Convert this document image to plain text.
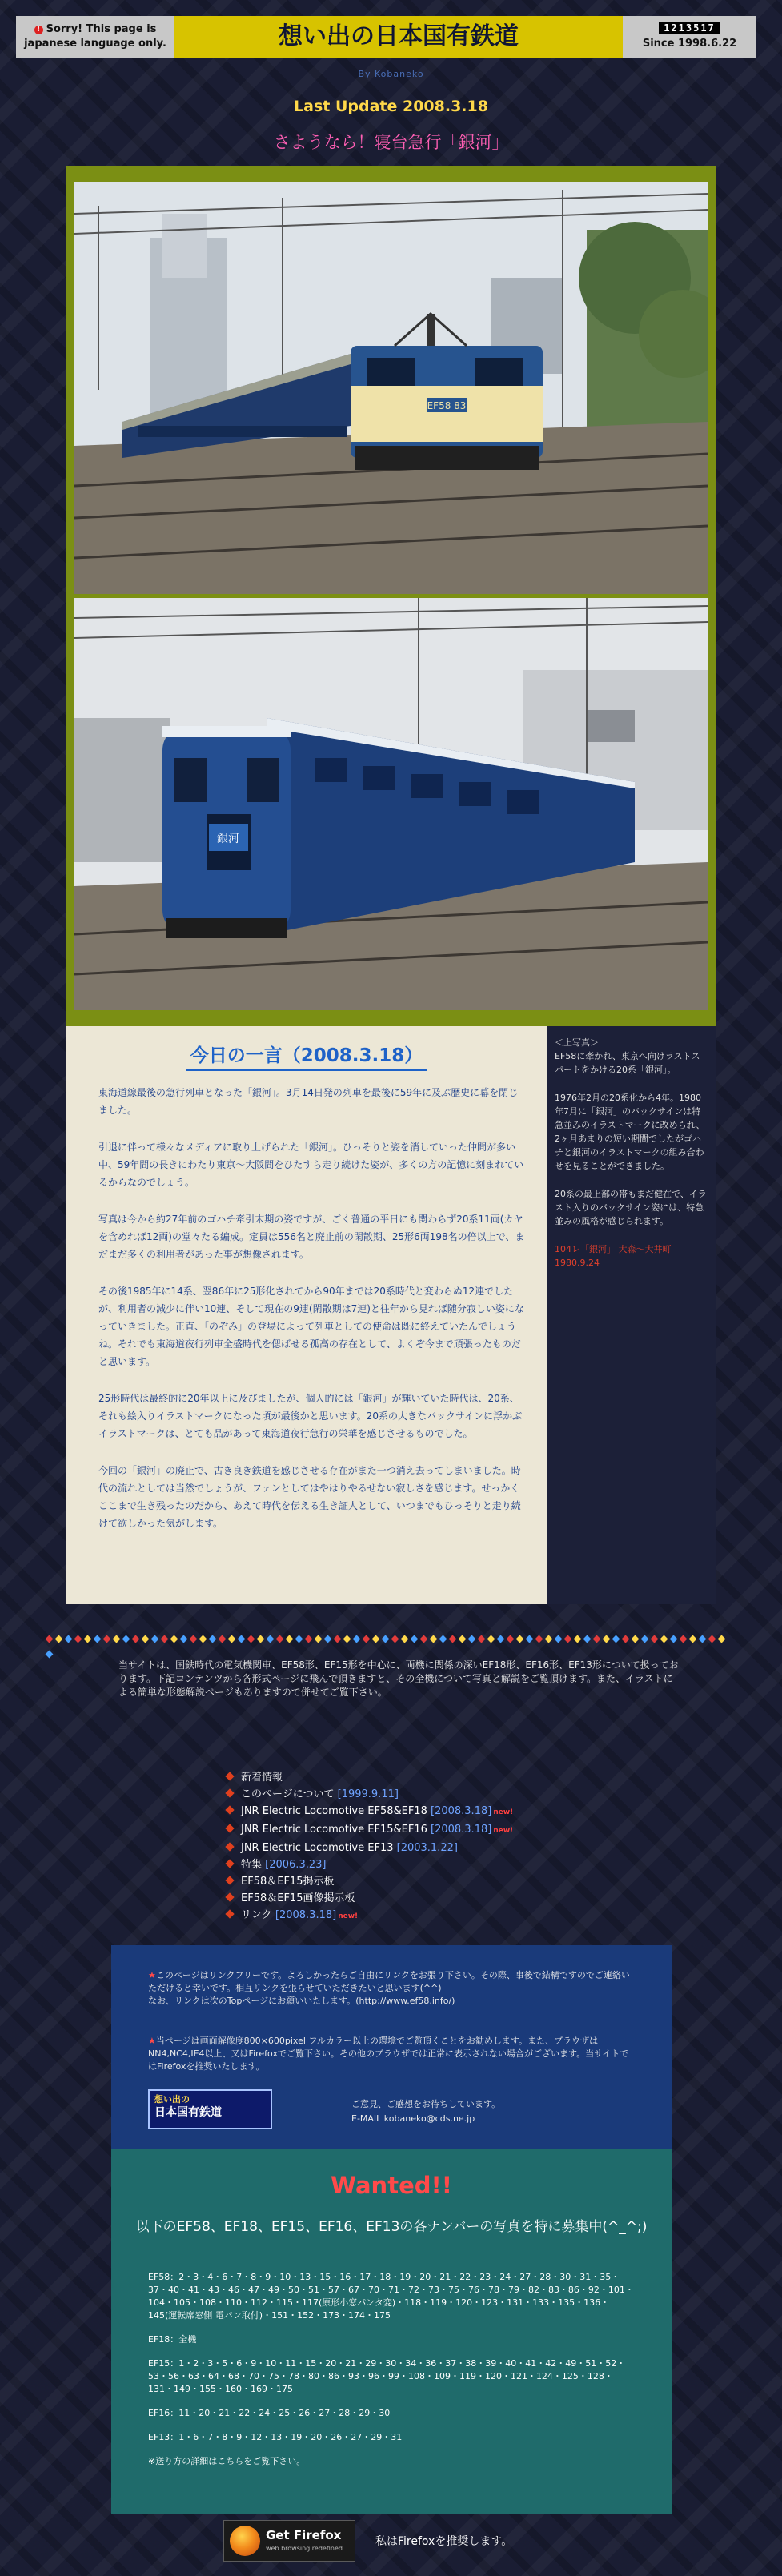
! Sorry! This page is japanese language only.	想い出の日本国有鉄道	1213517
Since 1998.6.22
By Kobaneko
Last Update 2008.3.18
さようなら！寝台急行「銀河」
EF58 83
銀河
今日の一言（2008.3.18）

東海道線最後の急行列車となった「銀河」。3月14日発の列車を最後に59年に及ぶ歴史に幕を閉じました。

引退に伴って様々なメディアに取り上げられた「銀河」。ひっそりと姿を消していった仲間が多い中、59年間の長きにわたり東京〜大阪間をひたすら走り続けた姿が、多くの方の記憶に刻まれているからなのでしょう。

写真は今から約27年前のゴハチ牽引末期の姿ですが、ごく普通の平日にも関わらず20系11両(カヤを含めれば12両)の堂々たる編成。定員は556名と廃止前の閑散期、25形6両198名の倍以上で、まだまだ多くの利用者があった事が想像されます。

その後1985年に14系、翌86年に25形化されてから90年までは20系時代と変わらぬ12連でしたが、利用者の減少に伴い10連、そして現在の9連(閑散期は7連)と往年から見れば随分寂しい姿になっていきました。正直、「のぞみ」の登場によって列車としての使命は既に終えていたんでしょうね。それでも東海道夜行列車全盛時代を偲ばせる孤高の存在として、よくぞ今まで頑張ったものだと思います。

25形時代は最終的に20年以上に及びましたが、個人的には「銀河」が輝いていた時代は、20系、それも絵入りイラストマークになった頃が最後かと思います。20系の大きなバックサインに浮かぶイラストマークは、とても品があって東海道夜行急行の栄華を感じさせるものでした。

今回の「銀河」の廃止で、古き良き鉄道を感じさせる存在がまた一つ消え去ってしまいました。時代の流れとしては当然でしょうが、ファンとしてはやはりやるせない寂しさを感じます。せっかくここまで生き残ったのだから、あえて時代を伝える生き証人として、いつまでもひっそりと走り続けて欲しかった気がします。

＜上写真＞

EF58に牽かれ、東京へ向けラストスパートをかける20系「銀河」。

1976年2月の20系化から4年。1980年7月に「銀河」のバックサインは特急並みのイラストマークに改められ、2ヶ月あまりの短い期間でしたがゴハチと銀河のイラストマークの組み合わせを見ることができました。

20系の最上部の帯もまだ健在で、イラスト入りのバックサイン姿には、特急並みの風格が感じられます。

104レ「銀河」 大森〜大井町

1980.9.24

当サイトは、国鉄時代の電気機関車、EF58形、EF15形を中心に、両機に関係の深いEF18形、EF16形、EF13形について扱っております。下記コンテンツから各形式ページに飛んで頂きますと、その全機について写真と解説をご覧頂けます。また、イラストによる簡単な形態解説ページもありますので併せてご覧下さい。
新着情報
このページについて [1999.9.11]
JNR Electric Locomotive EF58&EF18 [2008.3.18] new!
JNR Electric Locomotive EF15&EF16 [2008.3.18] new!
JNR Electric Locomotive EF13 [2003.1.22]
特集 [2006.3.23]
EF58＆EF15掲示板
EF58＆EF15画像掲示板
リンク [2008.3.18] new!
★このページはリンクフリーです。よろしかったらご自由にリンクをお張り下さい。その際、事後で結構ですのでご連絡いただけると幸いです。相互リンクを張らせていただきたいと思います(^^)
なお、リンクは次のTopページにお願いいたします。(http://www.ef58.info/)
★当ページは画面解像度800×600pixel フルカラー以上の環境でご覧頂くことをお勧めします。また、ブラウザはNN4,NC4,IE4以上、又はFirefoxでご覧下さい。その他のブラウザでは正常に表示されない場合がございます。当サイトではFirefoxを推奨いたします。
想い出の
日本国有鉄道
ご意見、ご感想をお待ちしています。
E-MAIL kobaneko@cds.ne.jp
Wanted!!
以下のEF58、EF18、EF15、EF16、EF13の各ナンバーの写真を特に募集中(^_^;)

EF58：2・3・4・6・7・8・9・10・13・15・16・17・18・19・20・21・22・23・24・27・28・30・31・35・37・40・41・43・46・47・49・50・51・57・67・70・71・72・73・75・76・78・79・82・83・86・92・101・104・105・108・110・112・115・117(原形小窓パンタ変)・118・119・120・123・131・133・135・136・145(運転席窓側 電パン取付)・151・152・173・174・175

EF18：全機

EF15：1・2・3・5・6・9・10・11・15・20・21・29・30・34・36・37・38・39・40・41・42・49・51・52・53・56・63・64・68・70・75・78・80・86・93・96・99・108・109・119・120・121・124・125・128・131・149・155・160・169・175

EF16：11・20・21・22・24・25・26・27・28・29・30

EF13：1・6・7・8・9・12・13・19・20・26・27・29・31

※送り方の詳細はこちらをご覧下さい。

Get Firefox
web browsing redefined
私はFirefoxを推奨します。
